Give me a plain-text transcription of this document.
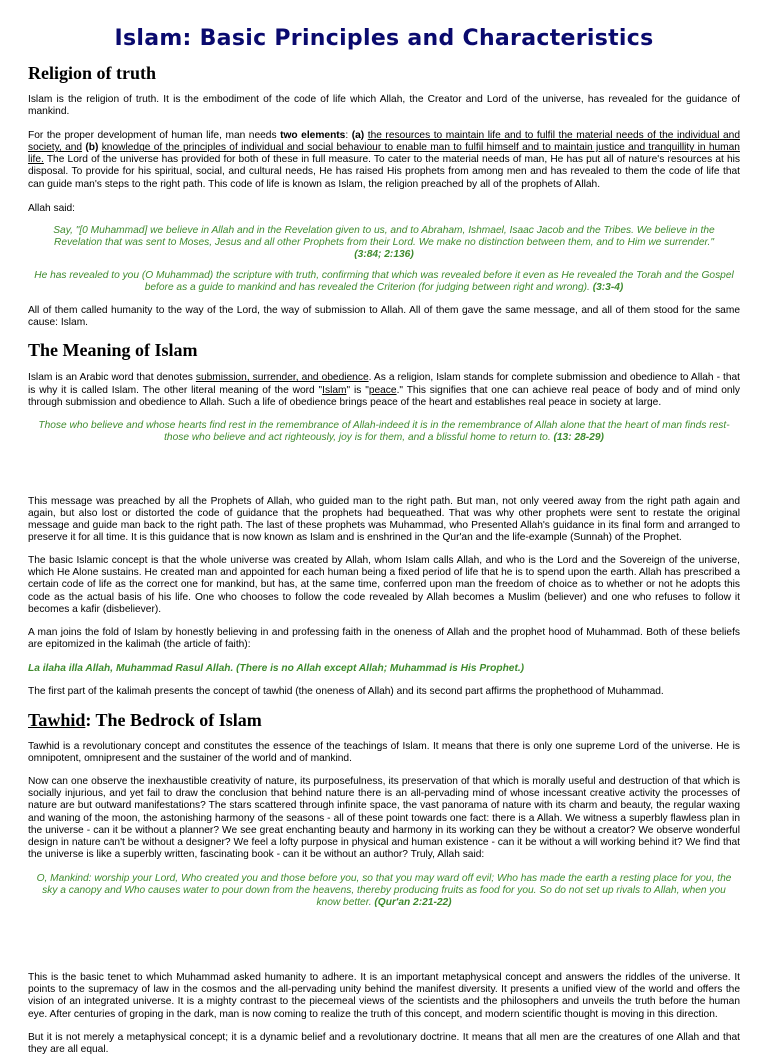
Islam: Basic Principles and Characteristics
Religion of truth

Islam is the religion of truth. It is the embodiment of the code of life which Allah, the Creator and Lord of the universe, has revealed for the guidance of mankind.

For the proper development of human life, man needs two elements: (a) the resources to maintain life and to fulfil the material needs of the individual and society, and (b) knowledge of the principles of individual and social behaviour to enable man to fulfil himself and to maintain justice and tranquillity in human life. The Lord of the universe has provided for both of these in full measure. To cater to the material needs of man, He has put all of nature's resources at his disposal. To provide for his spiritual, social, and cultural needs, He has raised His prophets from among men and has revealed to them the code of life that can guide man's steps to the right path. This code of life is known as Islam, the religion preached by all of the prophets of Allah.

Allah said:

Say, "[0 Muhammad] we believe in Allah and in the Revelation given to us, and to Abraham, Ishmael, Isaac Jacob and the Tribes. We believe in the Revelation that was sent to Moses, Jesus and all other Prophets from their Lord. We make no distinction between them, and to Him we surrender."
(3:84; 2:136)

He has revealed to you (O Muhammad) the scripture with truth, confirming that which was revealed before it even as He revealed the Torah and the Gospel before as a guide to mankind and has revealed the Criterion (for judging between right and wrong). (3:3-4)

All of them called humanity to the way of the Lord, the way of submission to Allah. All of them gave the same message, and all of them stood for the same cause: Islam.

The Meaning of Islam

Islam is an Arabic word that denotes submission, surrender, and obedience. As a religion, Islam stands for complete submission and obedience to Allah - that is why it is called Islam. The other literal meaning of the word "Islam" is "peace." This signifies that one can achieve real peace of body and of mind only through submission and obedience to Allah. Such a life of obedience brings peace of the heart and establishes real peace in society at large.

Those who believe and whose hearts find rest in the remembrance of Allah-indeed it is in the remembrance of Allah alone that the heart of man finds rest-those who believe and act righteously, joy is for them, and a blissful home to return to. (13: 28-29)

This message was preached by all the Prophets of Allah, who guided man to the right path. But man, not only veered away from the right path again and again, but also lost or distorted the code of guidance that the prophets had bequeathed. That was why other prophets were sent to restate the original message and guide man back to the right path. The last of these prophets was Muhammad, who Presented Allah's guidance in its final form and arranged to preserve it for all time. It is this guidance that is now known as Islam and is enshrined in the Qur'an and the life-example (Sunnah) of the Prophet.

The basic Islamic concept is that the whole universe was created by Allah, whom Islam calls Allah, and who is the Lord and the Sovereign of the universe, which He Alone sustains. He created man and appointed for each human being a fixed period of life that he is to spend upon the earth. Allah has prescribed a certain code of life as the correct one for mankind, but has, at the same time, conferred upon man the freedom of choice as to whether or not he adopts this code as the actual basis of his life. One who chooses to follow the code revealed by Allah becomes a Muslim (believer) and one who refuses to follow it becomes a kafir (disbeliever).

A man joins the fold of Islam by honestly believing in and professing faith in the oneness of Allah and the prophet hood of Muhammad. Both of these beliefs are epitomized in the kalimah (the article of faith):

La ilaha illa Allah, Muhammad Rasul Allah. (There is no Allah except Allah; Muhammad is His Prophet.)

The first part of the kalimah presents the concept of tawhid (the oneness of Allah) and its second part affirms the prophethood of Muhammad.

Tawhid: The Bedrock of Islam

Tawhid is a revolutionary concept and constitutes the essence of the teachings of Islam. It means that there is only one supreme Lord of the universe. He is omnipotent, omnipresent and the sustainer of the world and of mankind.

Now can one observe the inexhaustible creativity of nature, its purposefulness, its preservation of that which is morally useful and destruction of that which is socially injurious, and yet fail to draw the conclusion that behind nature there is an all-pervading mind of whose incessant creative activity the processes of nature are but outward manifestations? The stars scattered through infinite space, the vast panorama of nature with its charm and beauty, the regular waxing and waning of the moon, the astonishing harmony of the seasons - all of these point towards one fact: there is a Allah. We witness a superbly flawless plan in the universe - can it be without a planner? We see great enchanting beauty and harmony in its working can they be without a creator? We observe wonderful design in nature can't be without a designer? We feel a lofty purpose in physical and human existence - can it be without a will working behind it? We find that the universe is like a superbly written, fascinating book - can it be without an author? Truly, Allah said:

O, Mankind: worship your Lord, Who created you and those before you, so that you may ward off evil; Who has made the earth a resting place for you, the sky a canopy and Who causes water to pour down from the heavens, thereby producing fruits as food for you. So do not set up rivals to Allah, when you know better. (Qur'an 2:21-22)

This is the basic tenet to which Muhammad asked humanity to adhere. It is an important metaphysical concept and answers the riddles of the universe. It points to the supremacy of law in the cosmos and the all-pervading unity behind the manifest diversity. It presents a unified view of the world and offers the vision of an integrated universe. It is a mighty contrast to the piecemeal views of the scientists and the philosophers and unveils the truth before the human eye. After centuries of groping in the dark, man is now coming to realize the truth of this concept, and modern scientific thought is moving in this direction.

But it is not merely a metaphysical concept; it is a dynamic belief and a revolutionary doctrine. It means that all men are the creatures of one Allah and that they are all equal.
